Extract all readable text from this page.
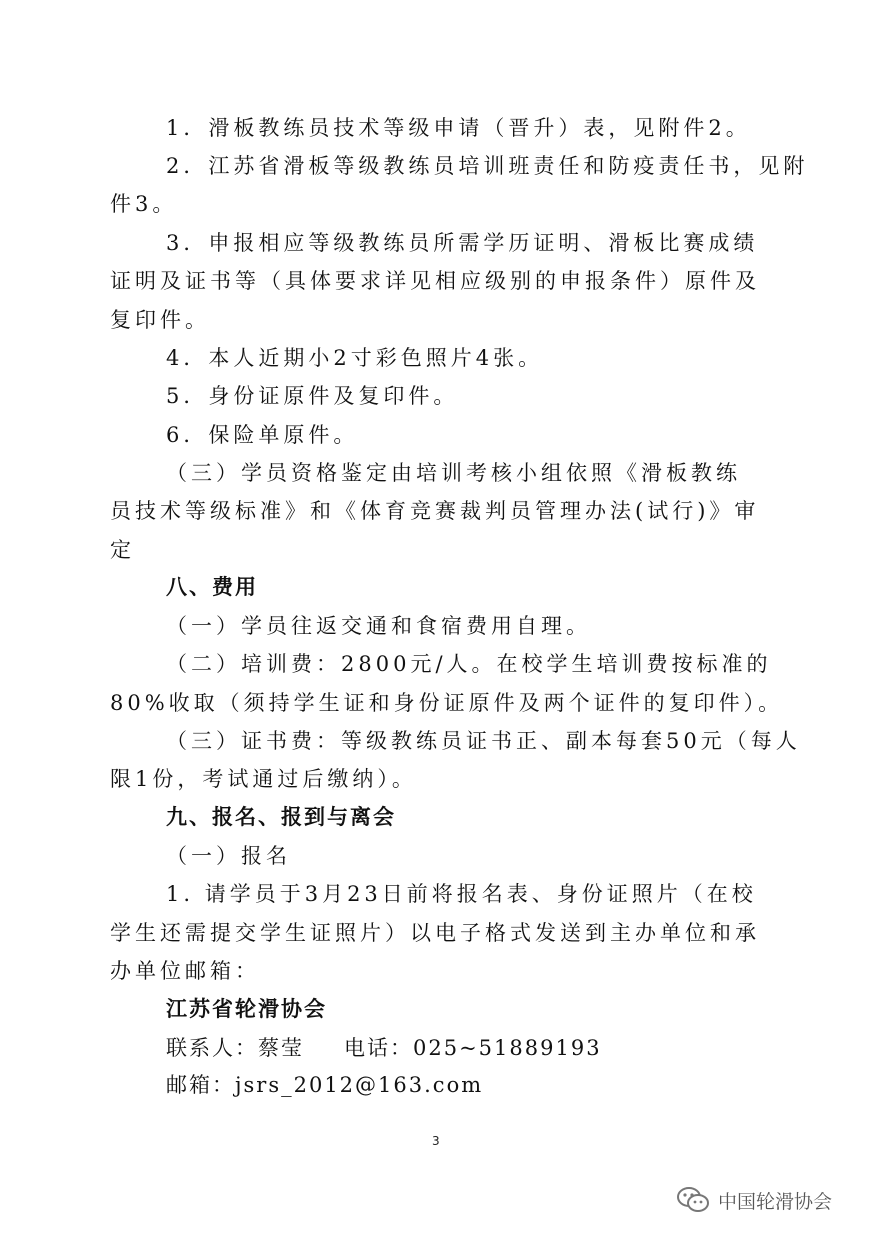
1．滑板教练员技术等级申请（晋升）表，见附件2。
2．江苏省滑板等级教练员培训班责任和防疫责任书，见附
件3。
3．申报相应等级教练员所需学历证明、滑板比赛成绩
证明及证书等（具体要求详见相应级别的申报条件）原件及
复印件。
4．本人近期小2寸彩色照片4张。
5．身份证原件及复印件。
6．保险单原件。
（三）学员资格鉴定由培训考核小组依照《滑板教练
员技术等级标准》和《体育竞赛裁判员管理办法(试行)》审
定
八、费用
（一）学员往返交通和食宿费用自理。
（二）培训费：2800元/人。在校学生培训费按标准的
80%收取（须持学生证和身份证原件及两个证件的复印件）。
（三）证书费：等级教练员证书正、副本每套50元（每人
限1份，考试通过后缴纳）。
九、报名、报到与离会
（一）报名
1. 请学员于3月23日前将报名表、身份证照片（在校
学生还需提交学生证照片）以电子格式发送到主办单位和承
办单位邮箱：
江苏省轮滑协会
联系人：蔡莹 电话：025~51889193
邮箱：jsrs_2012@163.com
3
中国轮滑协会
